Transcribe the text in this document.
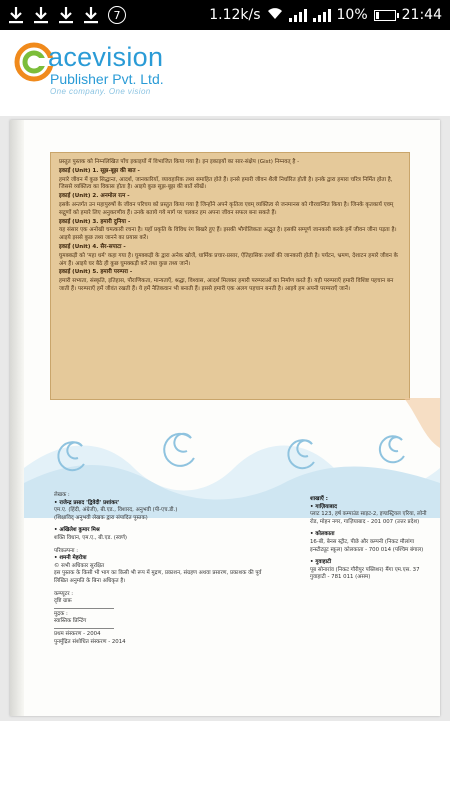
7	1.12k/s	10% 21:44
acevision
Publisher Pvt. Ltd.
One company. One vision

प्रस्तुत पुस्तक को निम्नलिखित पाँच इकाइयों में विभाजित किया गया है। इन इकाइयों का सार-संक्षेप (Gist) निम्नवत् है -

इकाई (Unit) 1. सूझ-बूझ की बात -

हमारे जीवन में कुछ सिद्धान्त, आदर्श, जानकारियाँ, व्यावहारिक तथ्य समाहित होते हैं। इनसे हमारी जीवन शैली निर्धारित होती है। इनके द्वारा हमारा चरित्र निर्मित होता है, जिससे व्यक्तित्व का विकास होता है। आइये कुछ सूझ-बूझ की बातें सीखें।

इकाई (Unit) 2. अनमोल रत्न -

इसके अन्तर्गत उन महापुरुषों के जीवन परिचय को प्रस्तुत किया गया है जिन्होंने अपने कृतित्व एवम् व्यक्तित्व से जनमानस को गौरवान्वित किया है। जिनके कृतकार्य एवम् सद्गुणों को हमारे लिए अनुकरणीय हैं। उनके बताये गये मार्ग पर चलकर हम अपना जीवन सफल बना सकते हैं।

इकाई (Unit) 3. हमारी दुनिया -

यह संसार एक अनोखी चमत्कारी रचना है। यहाँ प्रकृति के विविध रंग बिखरे हुए हैं। इसकी भौगोलिकता अद्भुत है। इसकी सम्पूर्ण जानकारी करके हमें जीवन जीना पड़ता है। आइये इससे कुछ तथ्य जानने का प्रयास करें।

इकाई (Unit) 4. सैर-सपाटा -

घुमक्कड़ी को 'महा धर्म' कहा गया है। घुमक्कड़ी के द्वारा अनेक खोजें, धार्मिक प्रचार-प्रसार, ऐतिहासिक तथ्यों की जानकारी होती है। पर्यटन, भ्रमण, देशाटन हमारे जीवन के अंग हैं। आइये घर बैठे ही कुछ घुमक्कड़ी करें तथा कुछ तथ्य जानें।

इकाई (Unit) 5. हमारी परम्परा -

हमारी सभ्यता, संस्कृति, इतिहास, पौराणिकता, मान्यताएँ, श्रद्धा, विश्वास, आदर्श मिलकर हमारी परम्पराओं का निर्माण करते हैं। यही परम्पराएँ हमारी विशिष्ट पहचान बन जाती हैं। परम्पराएँ हमें जीवंत रखती हैं। ये हमें नैतिकवान भी बनाती हैं। इससे हमारी एक अलग पहचान बनती है। आइये हम अपनी परम्पराएँ जानें।

लेखक :
• राजेन्द्र प्रसाद 'द्विवेदी' प्रशांकर'
एम.ए. (हिंदी, अंग्रेजी), बी.एड., विशारद, अनुभवी (पी-एच.डी.)
(शिक्षाविद् अनुभवी लेखक द्वारा संपादित पुस्तक)
• अखिलेश कुमार मिश्र
शक्ति विधान, एम.ए., बी.एड. (स्वर्ण)
परिकल्पना :
• शमनी मेहरोत्रा
© सभी अधिकार सुरक्षित
इस पुस्तक के किसी भी भाग का किसी भी रूप में मुद्रण, प्रकाशन, संग्रहण अथवा प्रसारण, प्रकाशक की पूर्व लिखित अनुमति के बिना अधिकृत है।
कम्प्यूटर :
दृष्टि ग्राफ़
मुद्रक :
स्वास्तिक प्रिन्टिंग
प्रथम संस्करण - 2004
पुनर्मुद्रित संशोधित संस्करण - 2014
शाखाएँ :
• गाज़ियाबाद
प्लाट 123, हर्ष कम्पाउंड साइट-2, इण्डस्ट्रियल एरिया, लोनी रोड, मोहन नगर, गाज़ियाबाद - 201 007 (उत्तर प्रदेश)
• कोलकाता
16-बी, बेनस स्ट्रीट, पीछे और कम्पनी (निकट मौलांगा इन्स्टीट्यूट स्कूल) कोलकाता - 700 014 (पश्चिम बंगाल)
• गुवाहाटी
पूब सोनारांव (निकट गौरीपुर पब्लिशर) मैंगा एम.एस. 37 गुवाहाटी - 781 011 (असम)
